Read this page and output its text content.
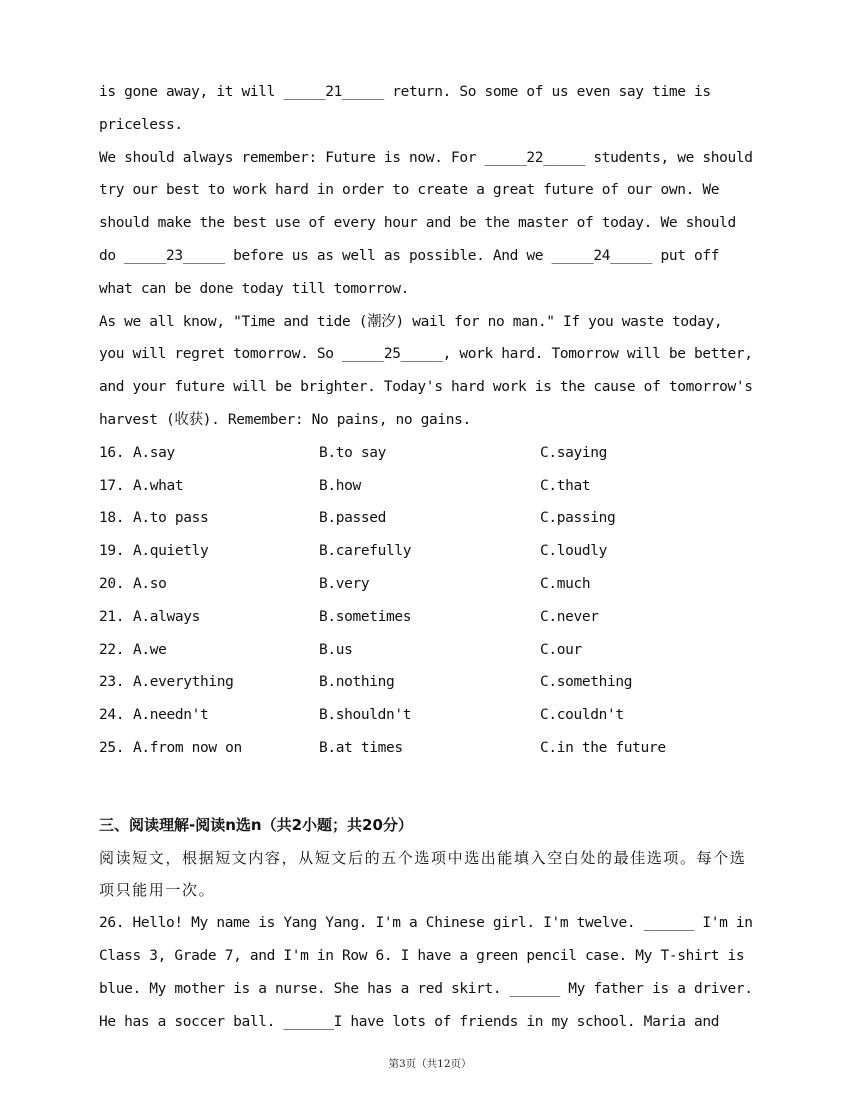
is gone away, it will _____21_____ return. So some of us even say time is

priceless.

We should always remember: Future is now. For _____22_____ students, we should

try our best to work hard in order to create a great future of our own. We

should make the best use of every hour and be the master of today. We should

do _____23_____ before us as well as possible. And we _____24_____ put off

what can be done today till tomorrow.

As we all know, "Time and tide (潮汐) wail for no man." If you waste today,

you will regret tomorrow. So _____25_____, work hard. Tomorrow will be better,

and your future will be brighter. Today's hard work is the cause of tomorrow's

harvest (收获). Remember: No pains, no gains.

16. A.say	B.to say	C.saying
17. A.what	B.how	C.that
18. A.to pass	B.passed	C.passing
19. A.quietly	B.carefully	C.loudly
20. A.so	B.very	C.much
21. A.always	B.sometimes	C.never
22. A.we	B.us	C.our
23. A.everything	B.nothing	C.something
24. A.needn't	B.shouldn't	C.couldn't
25. A.from now on	B.at times	C.in the future

三、阅读理解-阅读n选n（共2小题；共20分）

阅读短文，根据短文内容，从短文后的五个选项中选出能填入空白处的最佳选项。每个选

项只能用一次。

26. Hello! My name is Yang Yang. I'm a Chinese girl. I'm twelve. ______ I'm in

Class 3, Grade 7, and I'm in Row 6. I have a green pencil case. My T-shirt is

blue. My mother is a nurse. She has a red skirt. ______ My father is a driver.

He has a soccer ball. ______I have lots of friends in my school. Maria and

第3页（共12页）
